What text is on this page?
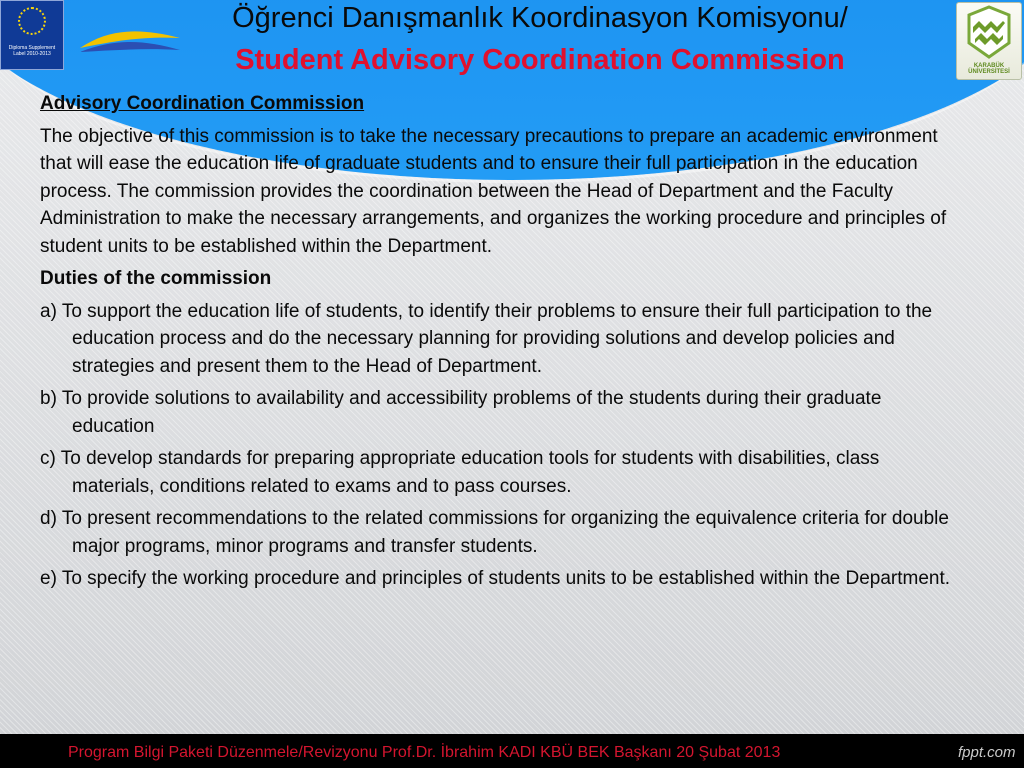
Diploma Supplement Label 2010-2013
KARABÜK ÜNİVERSİTESİ
Öğrenci Danışmanlık Koordinasyon Komisyonu/
Student Advisory Coordination Commission

Advisory Coordination Commission

The objective of this commission is to take the necessary precautions to prepare an academic environment that will ease the education life of graduate students and to ensure their full participation in the education process. The commission provides the coordination between the Head of Department and the Faculty Administration to make the necessary arrangements, and organizes the working procedure and principles of student units to be established within the Department.

Duties of the commission

a) To support the education life of students, to identify their problems to ensure their full participation to the education process and do the necessary planning for providing solutions and develop policies and strategies and present them to the Head of Department.

b) To provide solutions to availability and accessibility problems of the students during their graduate education

c) To develop standards for preparing appropriate education tools for students with disabilities, class materials, conditions related to exams and to pass courses.

d) To present recommendations to the related commissions for organizing the equivalence criteria for double major programs, minor programs and transfer students.

e) To specify the working procedure and principles of students units to be established within the Department.

Program Bilgi Paketi Düzenmele/Revizyonu Prof.Dr. İbrahim KADI KBÜ BEK Başkanı 20 Şubat 2013	fppt.com
